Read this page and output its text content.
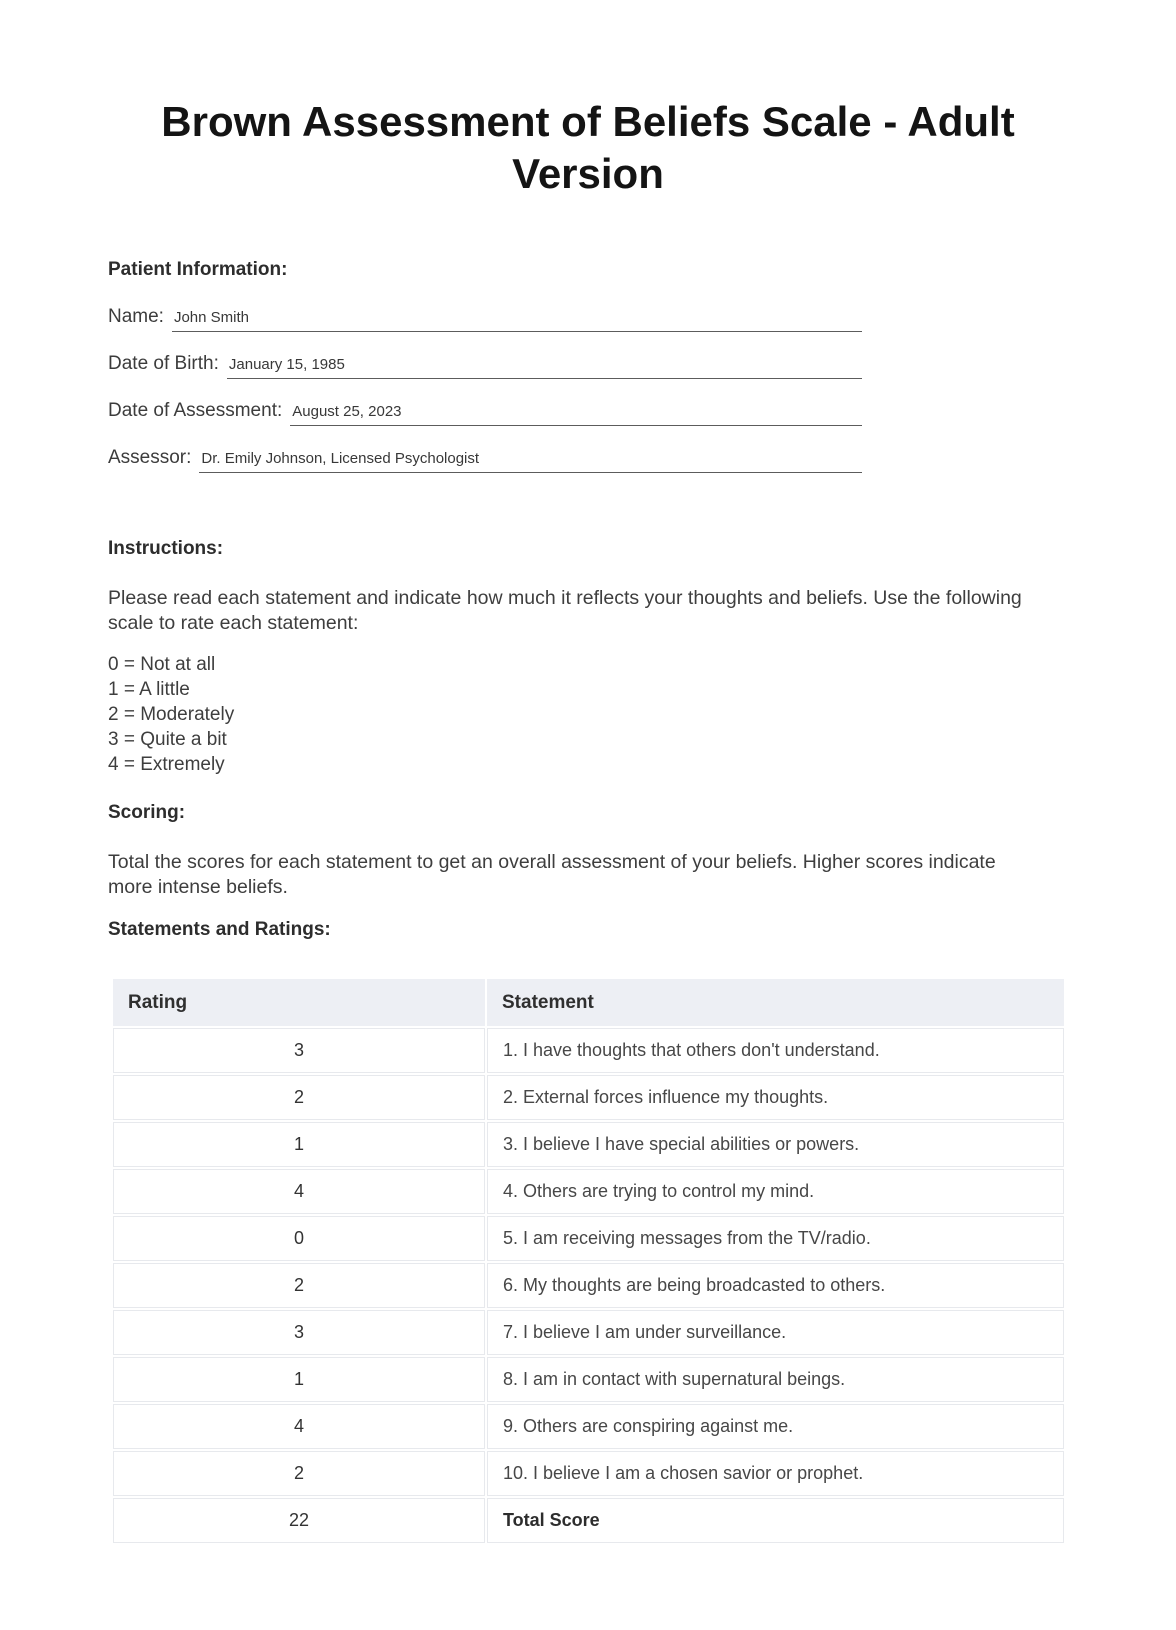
Brown Assessment of Beliefs Scale - Adult Version
Patient Information:
Name: John Smith
Date of Birth: January 15, 1985
Date of Assessment: August 25, 2023
Assessor: Dr. Emily Johnson, Licensed Psychologist
Instructions:

Please read each statement and indicate how much it reflects your thoughts and beliefs. Use the following scale to rate each statement:

0 = Not at all
1 = A little
2 = Moderately
3 = Quite a bit
4 = Extremely
Scoring:

Total the scores for each statement to get an overall assessment of your beliefs. Higher scores indicate more intense beliefs.

Statements and Ratings:
Rating	Statement
3	1. I have thoughts that others don't understand.
2	2. External forces influence my thoughts.
1	3. I believe I have special abilities or powers.
4	4. Others are trying to control my mind.
0	5. I am receiving messages from the TV/radio.
2	6. My thoughts are being broadcasted to others.
3	7. I believe I am under surveillance.
1	8. I am in contact with supernatural beings.
4	9. Others are conspiring against me.
2	10. I believe I am a chosen savior or prophet.
22	Total Score
